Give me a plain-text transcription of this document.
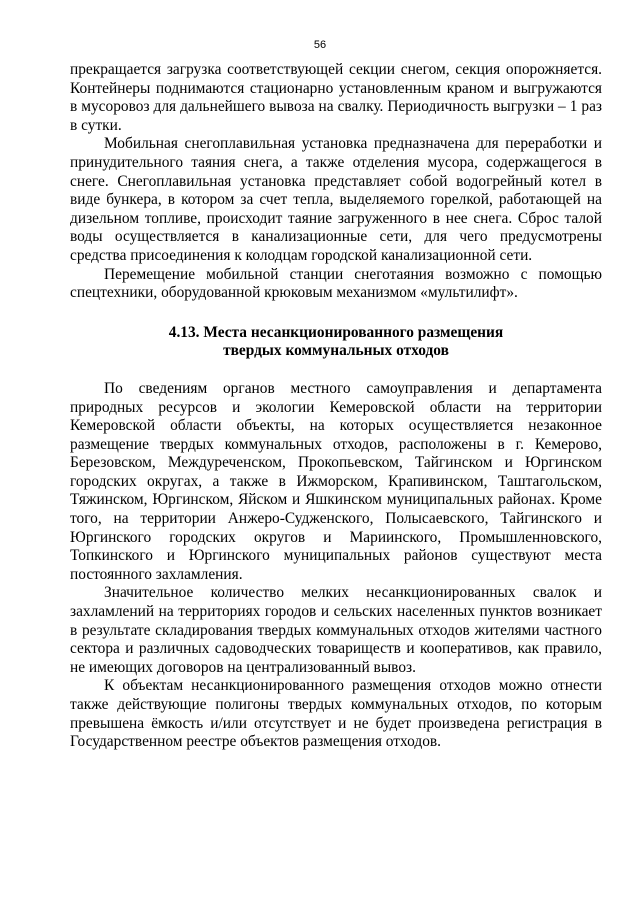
56

прекращается загрузка соответствующей секции снегом, секция опорожняется. Контейнеры поднимаются стационарно установленным краном и выгружаются в мусоровоз для дальнейшего вывоза на свалку. Периодичность выгрузки – 1 раз в сутки.

Мобильная снегоплавильная установка предназначена для переработки и принудительного таяния снега, а также отделения мусора, содержащегося в снеге. Снегоплавильная установка представляет собой водогрейный котел в виде бункера, в котором за счет тепла, выделяемого горелкой, работающей на дизельном топливе, происходит таяние загруженного в нее снега. Сброс талой воды осуществляется в канализационные сети, для чего предусмотрены средства присоединения к колодцам городской канализационной сети.

Перемещение мобильной станции снеготаяния возможно с помощью спецтехники, оборудованной крюковым механизмом «мультилифт».

4.13. Места несанкционированного размещения
твердых коммунальных отходов

По сведениям органов местного самоуправления и департамента природных ресурсов и экологии Кемеровской области на территории Кемеровской области объекты, на которых осуществляется незаконное размещение твердых коммунальных отходов, расположены в г. Кемерово, Березовском, Междуреченском, Прокопьевском, Тайгинском и Юргинском городских округах, а также в Ижморском, Крапивинском, Таштагольском, Тяжинском, Юргинском, Яйском и Яшкинском муниципальных районах. Кроме того, на территории Анжеро-Судженского, Полысаевского, Тайгинского и Юргинского городских округов и Мариинского, Промышленновского, Топкинского и Юргинского муниципальных районов существуют места постоянного захламления.

Значительное количество мелких несанкционированных свалок и захламлений на территориях городов и сельских населенных пунктов возникает в результате складирования твердых коммунальных отходов жителями частного сектора и различных садоводческих товариществ и кооперативов, как правило, не имеющих договоров на централизованный вывоз.

К объектам несанкционированного размещения отходов можно отнести также действующие полигоны твердых коммунальных отходов, по которым превышена ёмкость и/или отсутствует и не будет произведена регистрация в Государственном реестре объектов размещения отходов.
